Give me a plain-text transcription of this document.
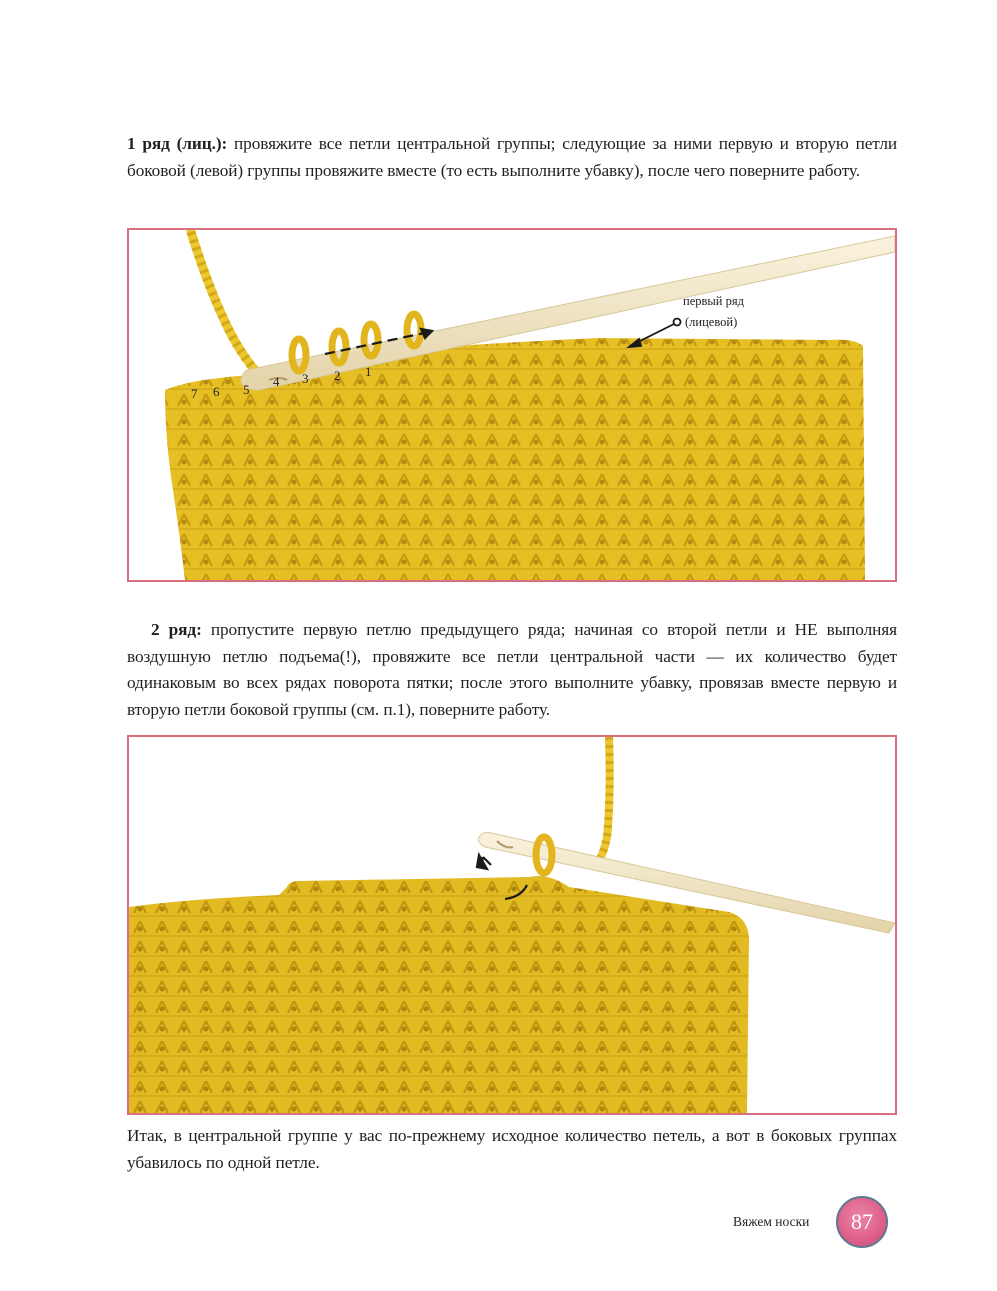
1 ряд (лиц.): провяжите все петли центральной группы; следующие за ними первую и вторую петли боковой (левой) группы провяжите вместе (то есть выполните убавку), после чего поверните работу.

7 6 5
4 3 2 1
первый ряд
(лицевой)

2 ряд: пропустите первую петлю предыдущего ряда; начиная со второй петли и НЕ выполняя воздушную петлю подъема(!), провяжите все петли центральной части — их количество будет одинаковым во всех рядах поворота пятки; после этого выполните убавку, провязав вместе первую и вторую петли боковой группы (см. п.1), поверните работу.

Итак, в центральной группе у вас по-прежнему исходное количество петель, а вот в боковых группах убавилось по одной петле.

Вяжем носки 87
